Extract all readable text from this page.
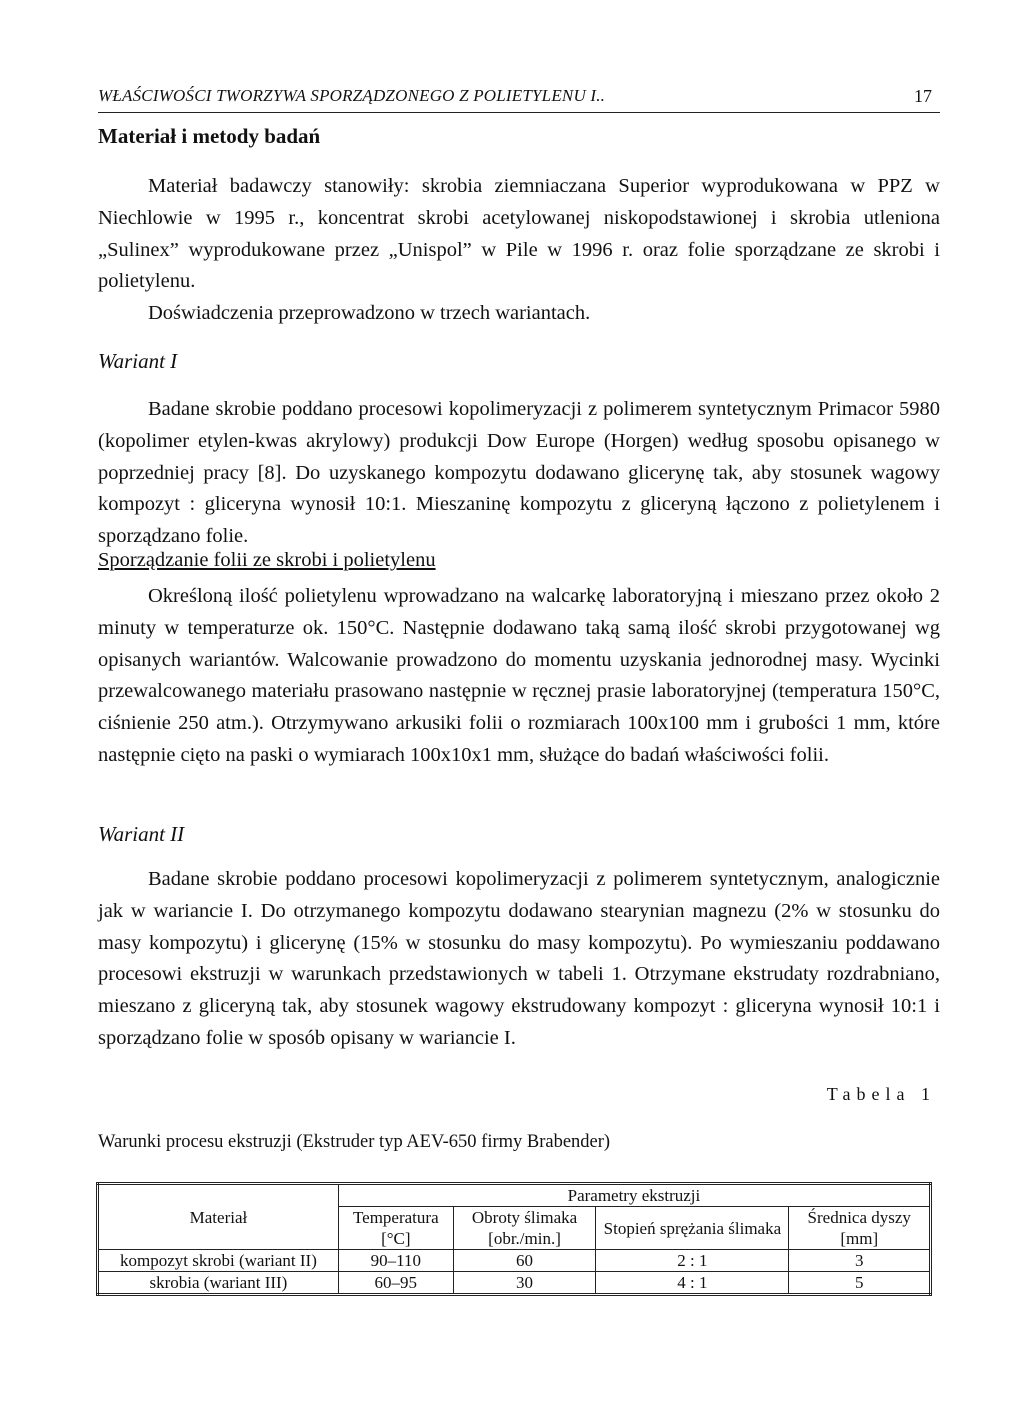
WŁAŚCIWOŚCI TWORZYWA SPORZĄDZONEGO Z POLIETYLENU I..	17
Materiał i metody badań

Materiał badawczy stanowiły: skrobia ziemniaczana Superior wyprodukowana w PPZ w Niechlowie w 1995 r., koncentrat skrobi acetylowanej niskopodstawionej i skrobia utleniona „Sulinex” wyprodukowane przez „Unispol” w Pile w 1996 r. oraz folie sporządzane ze skrobi i polietylenu.

Doświadczenia przeprowadzono w trzech wariantach.

Wariant I

Badane skrobie poddano procesowi kopolimeryzacji z polimerem syntetycznym Primacor 5980 (kopolimer etylen-kwas akrylowy) produkcji Dow Europe (Horgen) według sposobu opisanego w poprzedniej pracy [8]. Do uzyskanego kompozytu dodawano glicerynę tak, aby stosunek wagowy kompozyt : gliceryna wynosił 10:1. Mieszaninę kompozytu z gliceryną łączono z polietylenem i sporządzano folie.

Sporządzanie folii ze skrobi i polietylenu

Określoną ilość polietylenu wprowadzano na walcarkę laboratoryjną i mieszano przez około 2 minuty w temperaturze ok. 150°C. Następnie dodawano taką samą ilość skrobi przygotowanej wg opisanych wariantów. Walcowanie prowadzono do momentu uzyskania jednorodnej masy. Wycinki przewalcowanego materiału prasowano następnie w ręcznej prasie laboratoryjnej (temperatura 150°C, ciśnienie 250 atm.). Otrzymywano arkusiki folii o rozmiarach 100x100 mm i grubości 1 mm, które następnie cięto na paski o wymiarach 100x10x1 mm, służące do badań właściwości folii.

Wariant II

Badane skrobie poddano procesowi kopolimeryzacji z polimerem syntetycznym, analogicznie jak w wariancie I. Do otrzymanego kompozytu dodawano stearynian magnezu (2% w stosunku do masy kompozytu) i glicerynę (15% w stosunku do masy kompozytu). Po wymieszaniu poddawano procesowi ekstruzji w warunkach przedstawionych w tabeli 1. Otrzymane ekstrudaty rozdrabniano, mieszano z gliceryną tak, aby stosunek wagowy ekstrudowany kompozyt : gliceryna wynosił 10:1 i sporządzano folie w sposób opisany w wariancie I.

Tabela 1
Warunki procesu ekstruzji (Ekstruder typ AEV-650 firmy Brabender)
Materiał	Parametry ekstruzji			
	Temperatura [°C]	Obroty ślimaka [obr./min.]	Stopień sprężania ślimaka	Średnica dyszy [mm]
kompozyt skrobi (wariant II)	90–110	60	2 : 1	3
skrobia (wariant III)	60–95	30	4 : 1	5
